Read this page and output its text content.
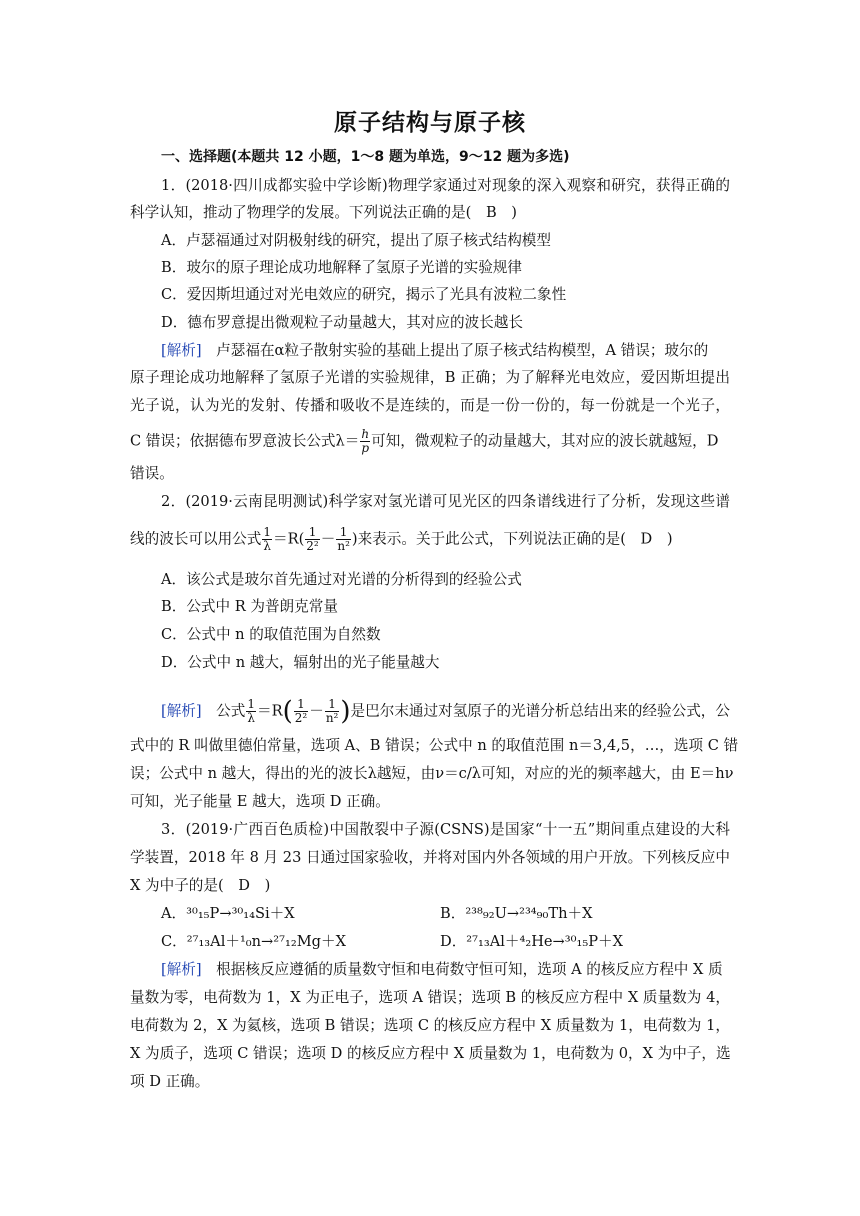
原子结构与原子核
一、选择题(本题共 12 小题，1～8 题为单选，9～12 题为多选)
1．(2018·四川成都实验中学诊断)物理学家通过对现象的深入观察和研究，获得正确的
科学认知，推动了物理学的发展。下列说法正确的是(　B　)
A．卢瑟福通过对阴极射线的研究，提出了原子核式结构模型
B．玻尔的原子理论成功地解释了氢原子光谱的实验规律
C．爱因斯坦通过对光电效应的研究，揭示了光具有波粒二象性
D．德布罗意提出微观粒子动量越大，其对应的波长越长
[解析]　卢瑟福在α粒子散射实验的基础上提出了原子核式结构模型，A 错误；玻尔的
原子理论成功地解释了氢原子光谱的实验规律，B 正确；为了解释光电效应，爱因斯坦提出
光子说，认为光的发射、传播和吸收不是连续的，而是一份一份的，每一份就是一个光子，
C 错误；依据德布罗意波长公式$\lambda= \frac{h}{p}$ 可知，微观粒子的动量越大，其对应的波长就越短，D
错误。
2．(2019·云南昆明测试)科学家对氢光谱可见光区的四条谱线进行了分析，发现这些谱
线的波长可以用公式 $\frac{1}{\lambda} =R( \frac{1}{\text{2²}} - \frac{1}{\text{n²}}$ )来表示。关于此公式，下列说法正确的是(　D　)
A．该公式是玻尔首先通过对光谱的分析得到的经验公式
B．公式中 R 为普朗克常量
C．公式中 n 的取值范围为自然数
D．公式中 n 越大，辐射出的光子能量越大
[解析]　公式 $\frac{1}{\lambda} =R( \frac{1}{\text{2²}} - \frac{1}{\text{n²}}$ )是巴尔末通过对氢原子的光谱分析总结出来的经验公式，公
式中的 R 叫做里德伯常量，选项 A、B 错误；公式中 n 的取值范围 n＝3,4,5，…，选项 C 错
误；公式中 n 越大，得出的光的波长λ越短，由ν＝c/λ可知，对应的光的频率越大，由 E＝hν
可知，光子能量 E 越大，选项 D 正确。
3．(2019·广西百色质检)中国散裂中子源(CSNS)是国家“十一五”期间重点建设的大科
学装置，2018 年 8 月 23 日通过国家验收，并将对国内外各领域的用户开放。下列核反应中
X 为中子的是(　D　)
A．³⁰₁₅P→³⁰₁₄Si＋X	B．²³⁸₉₂U→²³⁴₉₀Th＋X
C．²⁷₁₃Al＋¹₀n→²⁷₁₂Mg＋X	D．²⁷₁₃Al＋⁴₂He→³⁰₁₅P＋X
[解析]　根据核反应遵循的质量数守恒和电荷数守恒可知，选项 A 的核反应方程中 X 质
量数为零，电荷数为 1，X 为正电子，选项 A 错误；选项 B 的核反应方程中 X 质量数为 4，
电荷数为 2，X 为氦核，选项 B 错误；选项 C 的核反应方程中 X 质量数为 1，电荷数为 1，
X 为质子，选项 C 错误；选项 D 的核反应方程中 X 质量数为 1，电荷数为 0，X 为中子，选
项 D 正确。
